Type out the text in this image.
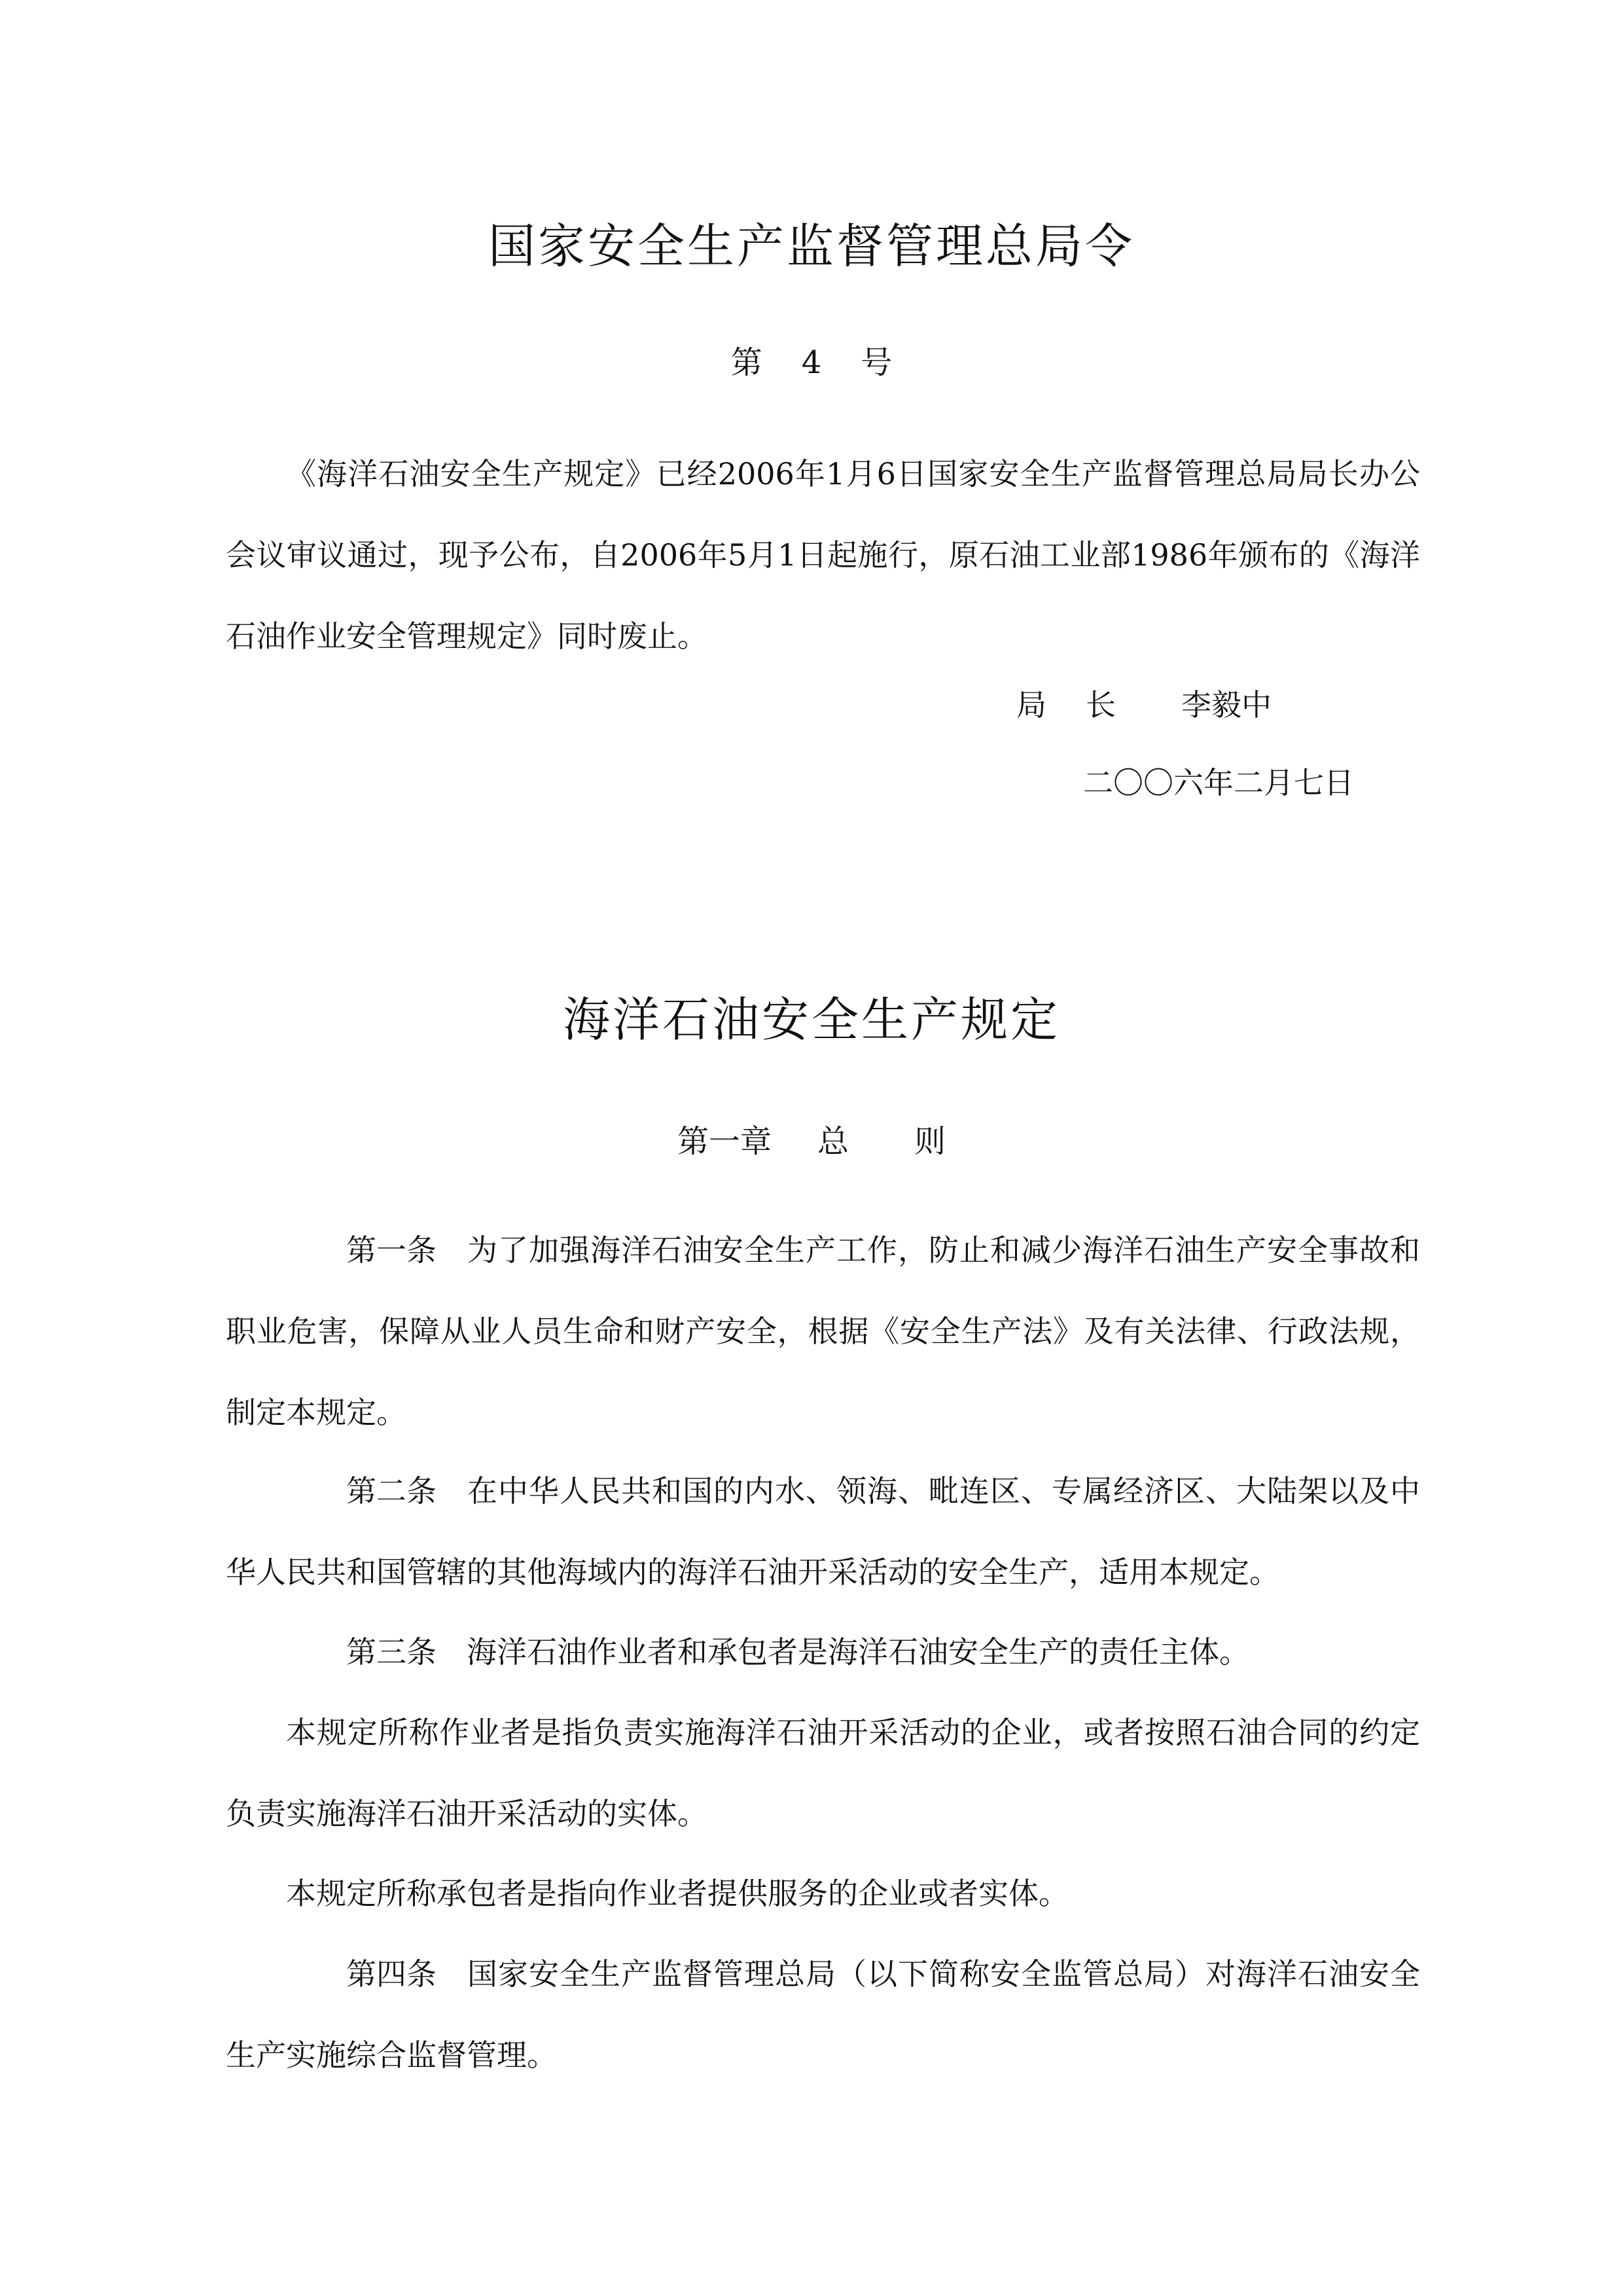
国家安全生产监督管理总局令
第 4 号
《海洋石油安全生产规定》已经2006年1月6日国家安全生产监督管理总局局长办公会议审议通过，现予公布，自2006年5月1日起施行，原石油工业部1986年颁布的《海洋石油作业安全管理规定》同时废止。
局 长 李毅中
二〇〇六年二月七日
海洋石油安全生产规定
第一章 总 则
第一条 为了加强海洋石油安全生产工作，防止和减少海洋石油生产安全事故和职业危害，保障从业人员生命和财产安全，根据《安全生产法》及有关法律、行政法规，制定本规定。
第二条 在中华人民共和国的内水、领海、毗连区、专属经济区、大陆架以及中华人民共和国管辖的其他海域内的海洋石油开采活动的安全生产，适用本规定。
第三条 海洋石油作业者和承包者是海洋石油安全生产的责任主体。
本规定所称作业者是指负责实施海洋石油开采活动的企业，或者按照石油合同的约定负责实施海洋石油开采活动的实体。
本规定所称承包者是指向作业者提供服务的企业或者实体。
第四条 国家安全生产监督管理总局（以下简称安全监管总局）对海洋石油安全生产实施综合监督管理。
